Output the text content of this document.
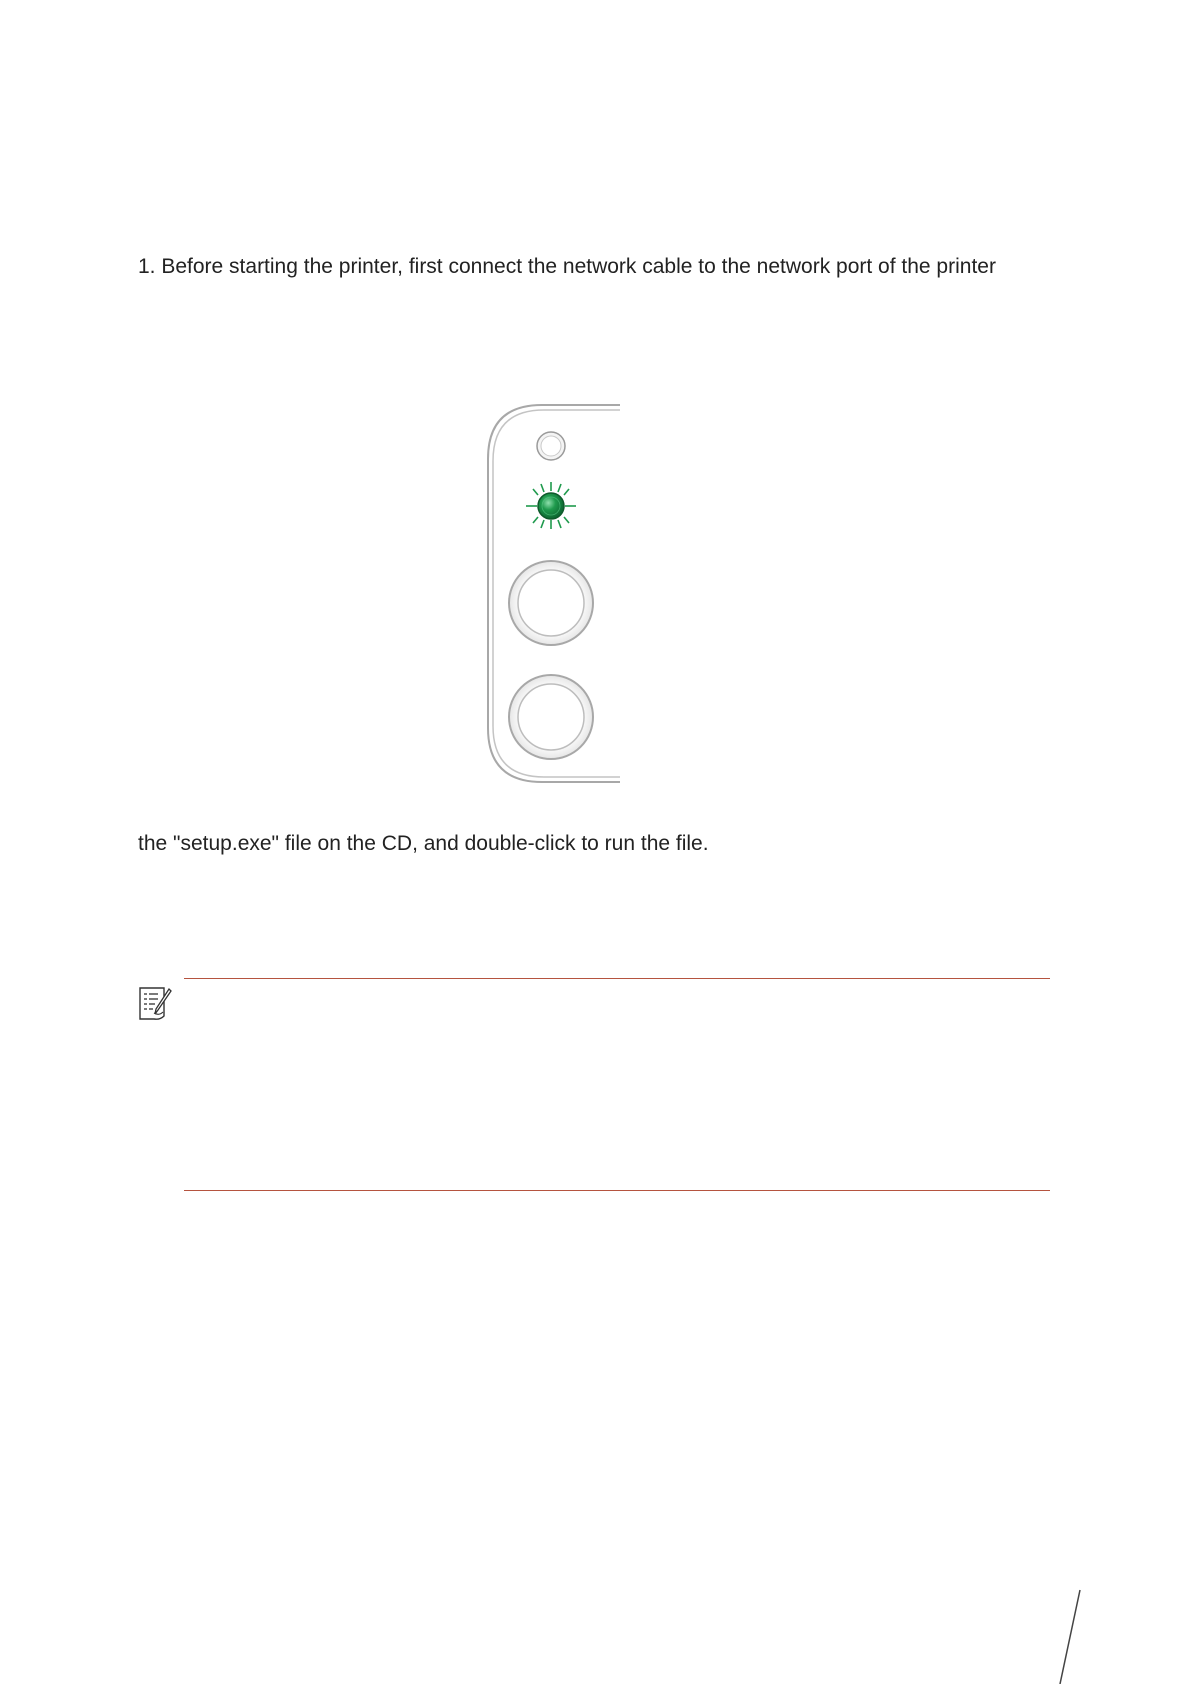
1. Before starting the printer, first connect the network cable to the network port of the printer

the "setup.exe" file on the CD, and double-click to run the file.
